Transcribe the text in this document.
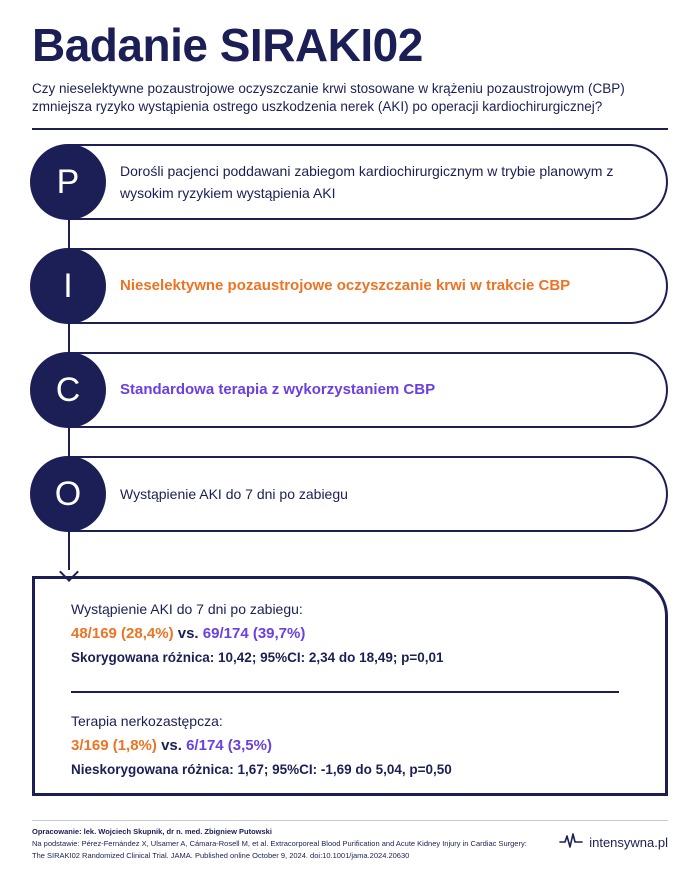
Badanie SIRAKI02
Czy nieselektywne pozaustrojowe oczyszczanie krwi stosowane w krążeniu pozaustrojowym (CBP) zmniejsza ryzyko wystąpienia ostrego uszkodzenia nerek (AKI) po operacji kardiochirurgicznej?
P	Dorośli pacjenci poddawani zabiegom kardiochirurgicznym w trybie planowym z wysokim ryzykiem wystąpienia AKI
I	Nieselektywne pozaustrojowe oczyszczanie krwi w trakcie CBP
C	Standardowa terapia z wykorzystaniem CBP
O	Wystąpienie AKI do 7 dni po zabiegu
Wystąpienie AKI do 7 dni po zabiegu:
48/169 (28,4%) vs. 69/174 (39,7%)
Skorygowana różnica: 10,42; 95%CI: 2,34 do 18,49; p=0,01
Terapia nerkozastępcza:
3/169 (1,8%) vs. 6/174 (3,5%)
Nieskorygowana różnica: 1,67; 95%CI: -1,69 do 5,04, p=0,50
Opracowanie: lek. Wojciech Skupnik, dr n. med. Zbigniew Putowski
Na podstawie: Pérez-Fernández X, Ulsamer A, Cámara-Rosell M, et al. Extracorporeal Blood Purification and Acute Kidney Injury in Cardiac Surgery:
The SIRAKI02 Randomized Clinical Trial. JAMA. Published online October 9, 2024. doi:10.1001/jama.2024.20630
intensywna.pl
